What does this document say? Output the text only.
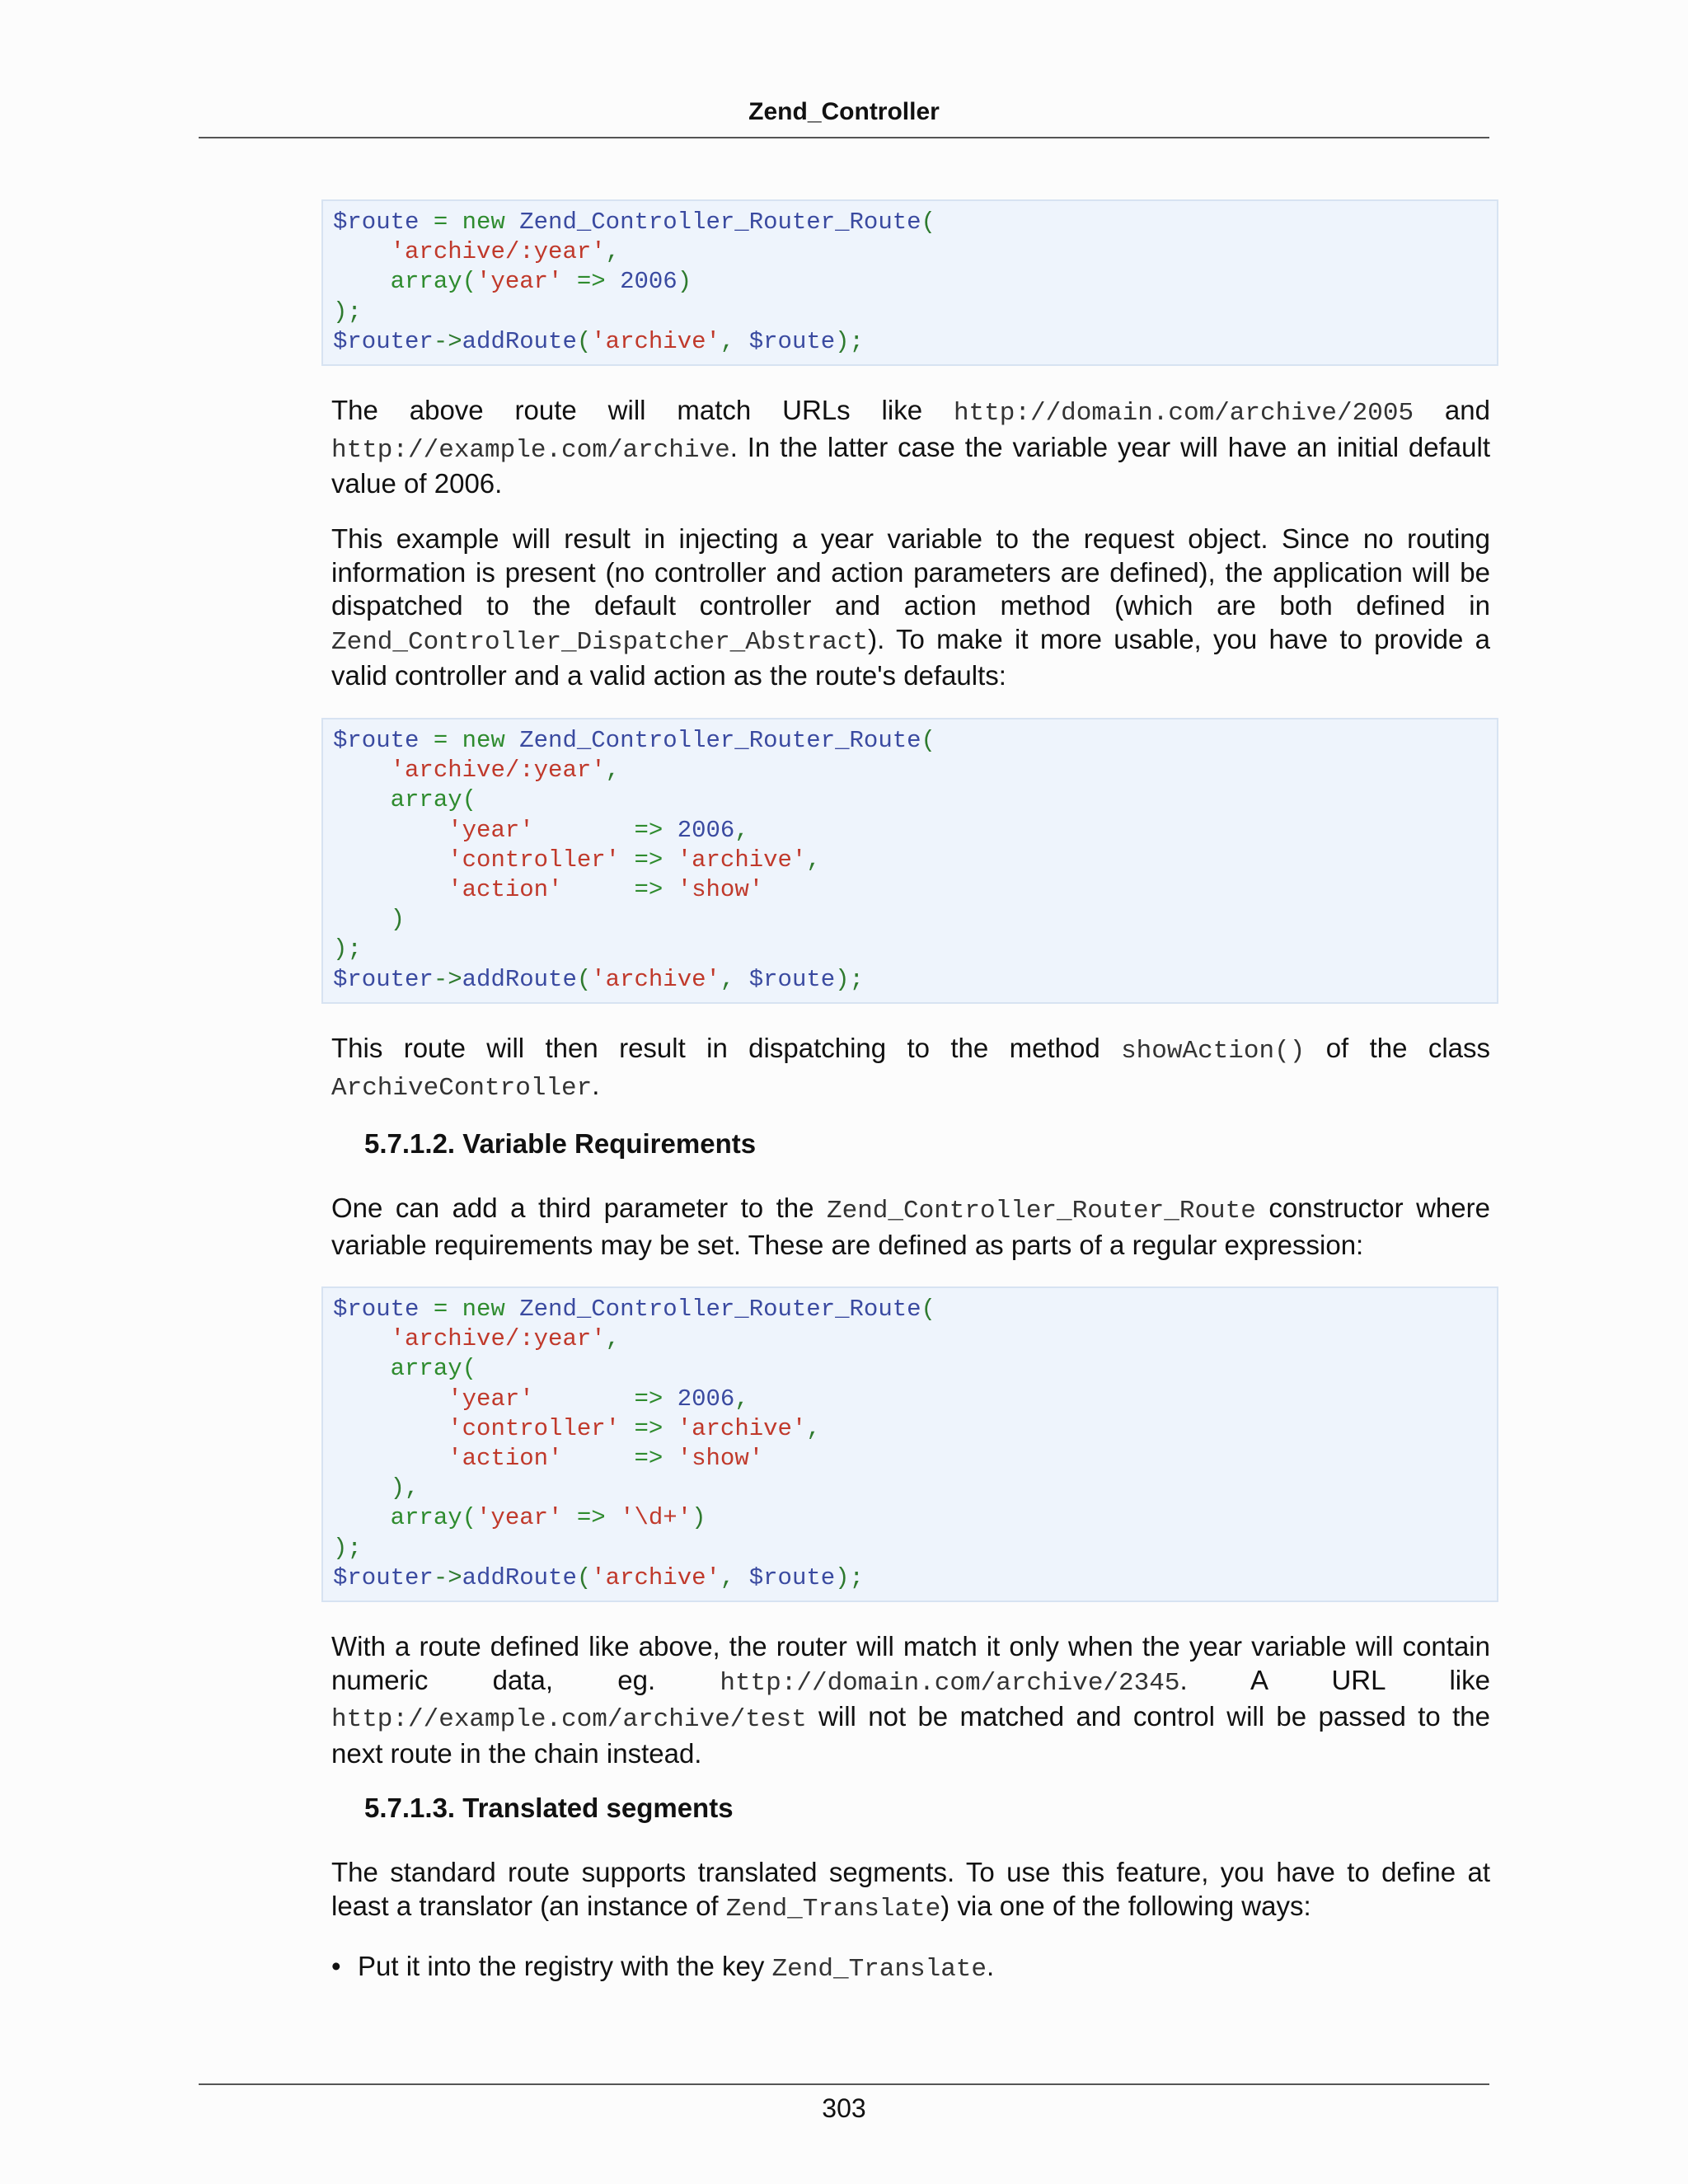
Zend_Controller
$route = new Zend_Controller_Router_Route(
'archive/:year',
array('year' => 2006)
);
$router->addRoute('archive', $route);

The above route will match URLs like http://domain.com/archive/2005 and http://example.com/archive. In the latter case the variable year will have an initial default value of 2006.

This example will result in injecting a year variable to the request object. Since no routing information is present (no controller and action parameters are defined), the application will be dispatched to the default controller and action method (which are both defined in Zend_Controller_Dispatcher_Abstract). To make it more usable, you have to provide a valid controller and a valid action as the route's defaults:

$route = new Zend_Controller_Router_Route(
'archive/:year',
array(
'year'       => 2006,
'controller' => 'archive',
'action'     => 'show'
)
);
$router->addRoute('archive', $route);

This route will then result in dispatching to the method showAction() of the class ArchiveController.

5.7.1.2. Variable Requirements

One can add a third parameter to the Zend_Controller_Router_Route constructor where variable requirements may be set. These are defined as parts of a regular expression:

$route = new Zend_Controller_Router_Route(
'archive/:year',
array(
'year'       => 2006,
'controller' => 'archive',
'action'     => 'show'
),
array('year' => '\d+')
);
$router->addRoute('archive', $route);

With a route defined like above, the router will match it only when the year variable will contain numeric data, eg. http://domain.com/archive/2345. A URL like http://example.com/archive/test will not be matched and control will be passed to the next route in the chain instead.

5.7.1.3. Translated segments

The standard route supports translated segments. To use this feature, you have to define at least a translator (an instance of Zend_Translate) via one of the following ways:

• Put it into the registry with the key Zend_Translate.
303
